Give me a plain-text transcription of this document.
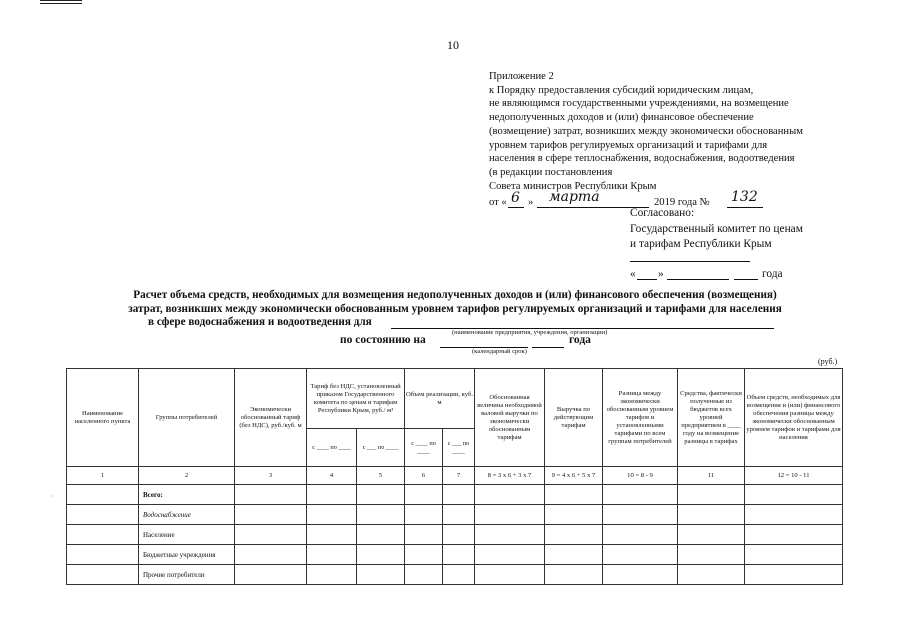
10
Приложение 2
к Порядку предоставления субсидий юридическим лицам,
не являющимся государственными учреждениями, на возмещение
недополученных доходов и (или) финансовое обеспечение
(возмещение) затрат, возникших между экономически обоснованным
уровнем тарифов регулируемых организаций и тарифами для
населения в сфере теплоснабжения, водоснабжения, водоотведения
(в редакции постановления
Совета министров Республики Крым
от « 6 » марта	2019 года № 132
Согласовано:
Государственный комитет по ценам
и тарифам Республики Крым
« »	года
Расчет объема средств, необходимых для возмещения недополученных доходов и (или) финансового обеспечения (возмещения)
затрат, возникших между экономически обоснованным уровнем тарифов регулируемых организаций и тарифами для населения
в сфере водоснабжения и водоотведения для
(наименование предприятия, учреждения, организации)
по состоянию на	года
(календарный срок)
(руб.)
·
Наименование населенного пункта	Группы потребителей	Экономически обоснованный тариф (без НДС), руб./куб. м	Тариф без НДС, установленный приказом Государственного комитета по ценам и тарифам Республики Крым, руб./ м³		Объем реализации, куб. м		Обоснованная величина необходимой валовой выручки по экономически обоснованным тарифам	Выручка по действующим тарифам	Разница между экономически обоснованным уровнем тарифов и установленными тарифами по всем группам потребителей	Средства, фактически полученные из бюджетов всех уровней предприятием в ____ году на возмещение разницы в тарифах	Объем средств, необходимых для возмещения и (или) финансового обеспечения разницы между экономически обоснованным уровнем тарифов и тарифами для населения
			с ____ по ____	с ___ по ____	с ____ по ____	с ___ по ____					
1	2	3	4	5	6	7	8 = 3 x 6 + 3 x 7	9 = 4 x 6 + 5 x 7	10 = 8 - 9	11	12 = 10 - 11
	Всего:										
	Водоснабжение										
	Население										
	Бюджетные учреждения										
	Прочие потребители										
